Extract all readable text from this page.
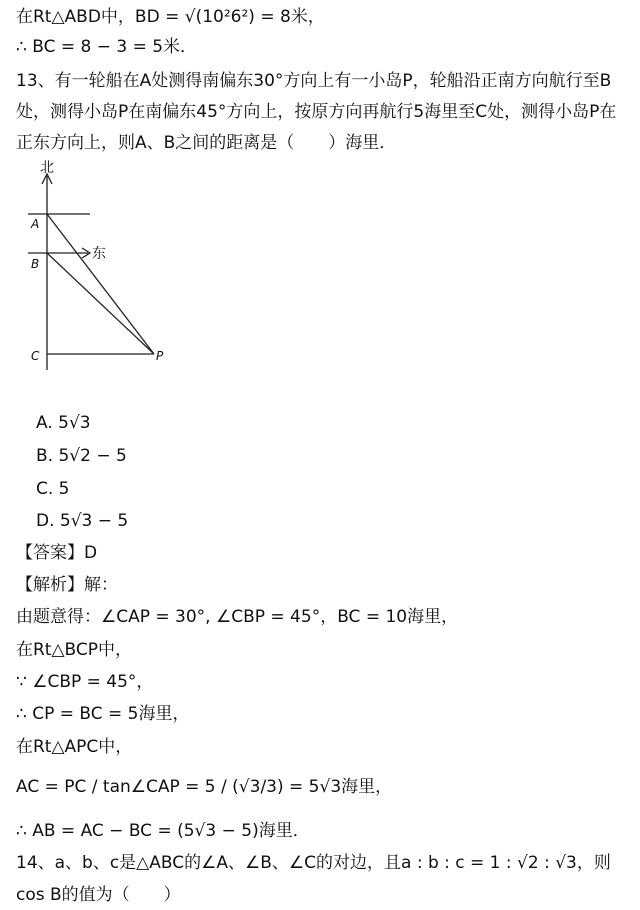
在Rt△ABD中，BD = √(10²6²) = 8米，
∴ BC = 8 − 3 = 5米．
13、有一轮船在A处测得南偏东30°方向上有一小岛P，轮船沿正南方向航行至B
处，测得小岛P在南偏东45°方向上，按原方向再航行5海里至C处，测得小岛P在
正东方向上，则A、B之间的距离是（　　）海里．
北
东
A
B
C	P
A. 5√3
B. 5√2 − 5
C. 5
D. 5√3 − 5
【答案】D
【解析】解：
由题意得：∠CAP = 30°, ∠CBP = 45°，BC = 10海里，
在Rt△BCP中，
∵ ∠CBP = 45°，
∴ CP = BC = 5海里，
在Rt△APC中，
AC = PC / tan∠CAP = 5 / (√3/3) = 5√3海里，
∴ AB = AC − BC = (5√3 − 5)海里．
14、a、b、c是△ABC的∠A、∠B、∠C的对边，且a : b : c = 1 : √2 : √3，则
cos B的值为（　　）
